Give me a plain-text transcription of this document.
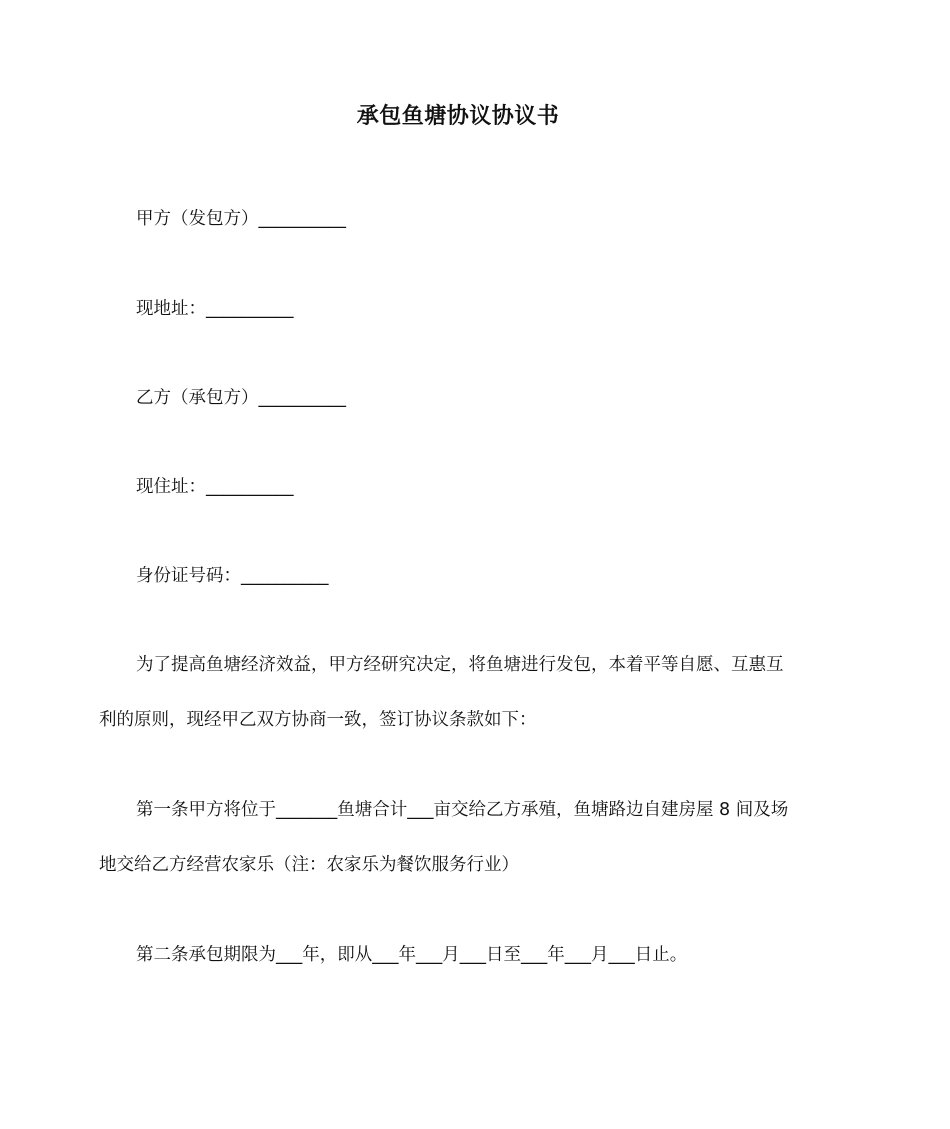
承包鱼塘协议协议书
甲方（发包方）__________
现地址：__________
乙方（承包方）__________
现住址：__________
身份证号码：__________
为了提高鱼塘经济效益，甲方经研究决定，将鱼塘进行发包，本着平等自愿、互惠互
利的原则，现经甲乙双方协商一致，签订协议条款如下：
第一条甲方将位于_______鱼塘合计___亩交给乙方承殖，鱼塘路边自建房屋 8 间及场
地交给乙方经营农家乐（注：农家乐为餐饮服务行业）
第二条承包期限为___年，即从___年___月___日至___年___月___日止。
